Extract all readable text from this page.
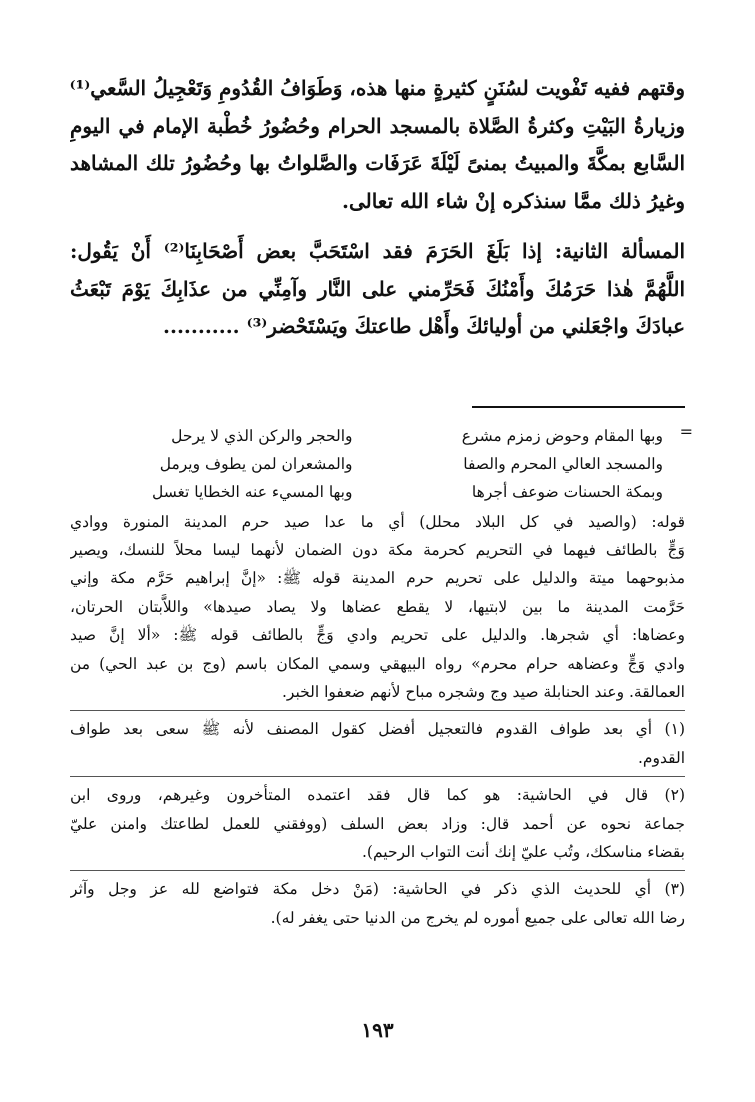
وقتهم ففيه تَفْويت لسُنَنٍ كثيرةٍ منها هذه، وَطَوَافُ القُدُومِ وَتَعْجِيلُ السَّعي⁽¹⁾
وزيارةُ البَيْتِ وكثرةُ الصَّلاة بالمسجد الحرام وحُضُورُ خُطْبة الإمام في اليومِ
السَّابع بمكَّةَ والمبيتُ بمنىً لَيْلَةَ عَرَفَات والصَّلواتُ بها وحُضُورُ تلك المشاهد
وغيرُ ذلك ممَّا سنذكره إنْ شاء الله تعالى.
المسألة الثانية: إذا بَلَغَ الحَرَمَ فقد اسْتَحَبَّ بعض أَصْحَابِنَا⁽²⁾ أَنْ يَقُول:
اللَّهُمَّ هٰذا حَرَمُكَ وأَمْنُكَ فَحَرِّمني على النَّار وآمِنِّي من عذَابِكَ يَوْمَ تَبْعَثُ
عبادَكَ واجْعَلني من أوليائكَ وأَهْل طاعتكَ ويَسْتَحْضر⁽³⁾ ...........
=
وبها المقام وحوض زمزم مشرع
والحجر والركن الذي لا يرحل
والمسجد العالي المحرم والصفا
والمشعران لمن يطوف ويرمل
وبمكة الحسنات ضوعف أجرها
وبها المسيء عنه الخطايا تغسل
قوله: (والصيد في كل البلاد محلل) أي ما عدا صيد حرم المدينة المنورة ووادي
وَجٍّ بالطائف فيهما في التحريم كحرمة مكة دون الضمان لأنهما ليسا محلاً للنسك، ويصير
مذبوحهما ميتة والدليل على تحريم حرم المدينة قوله ﷺ: «إنَّ إبراهيم حَرَّم مكة وإني
حَرَّمت المدينة ما بين لابتيها، لا يقطع عضاها ولا يصاد صيدها» واللاَّبتان الحرتان،
وعضاها: أي شجرها. والدليل على تحريم وادي وَجٍّ بالطائف قوله ﷺ: «ألا إنَّ صيد
وادي وَجٍّ وعضاهه حرام محرم» رواه البيهقي وسمي المكان باسم (وج بن عبد الحي) من
العمالقة. وعند الحنابلة صيد وج وشجره مباح لأنهم ضعفوا الخبر.
(١) أي بعد طواف القدوم فالتعجيل أفضل كقول المصنف لأنه ﷺ سعى بعد طواف
القدوم.
(٢) قال في الحاشية: هو كما قال فقد اعتمده المتأخرون وغيرهم، وروى ابن
جماعة نحوه عن أحمد قال: وزاد بعض السلف (ووفقني للعمل لطاعتك وامنن عليّ
بقضاء مناسكك، وتُب عليّ إنك أنت التواب الرحيم).
(٣) أي للحديث الذي ذكر في الحاشية: (مَنْ دخل مكة فتواضع لله عز وجل وآثر
رضا الله تعالى على جميع أموره لم يخرج من الدنيا حتى يغفر له).
١٩٣
